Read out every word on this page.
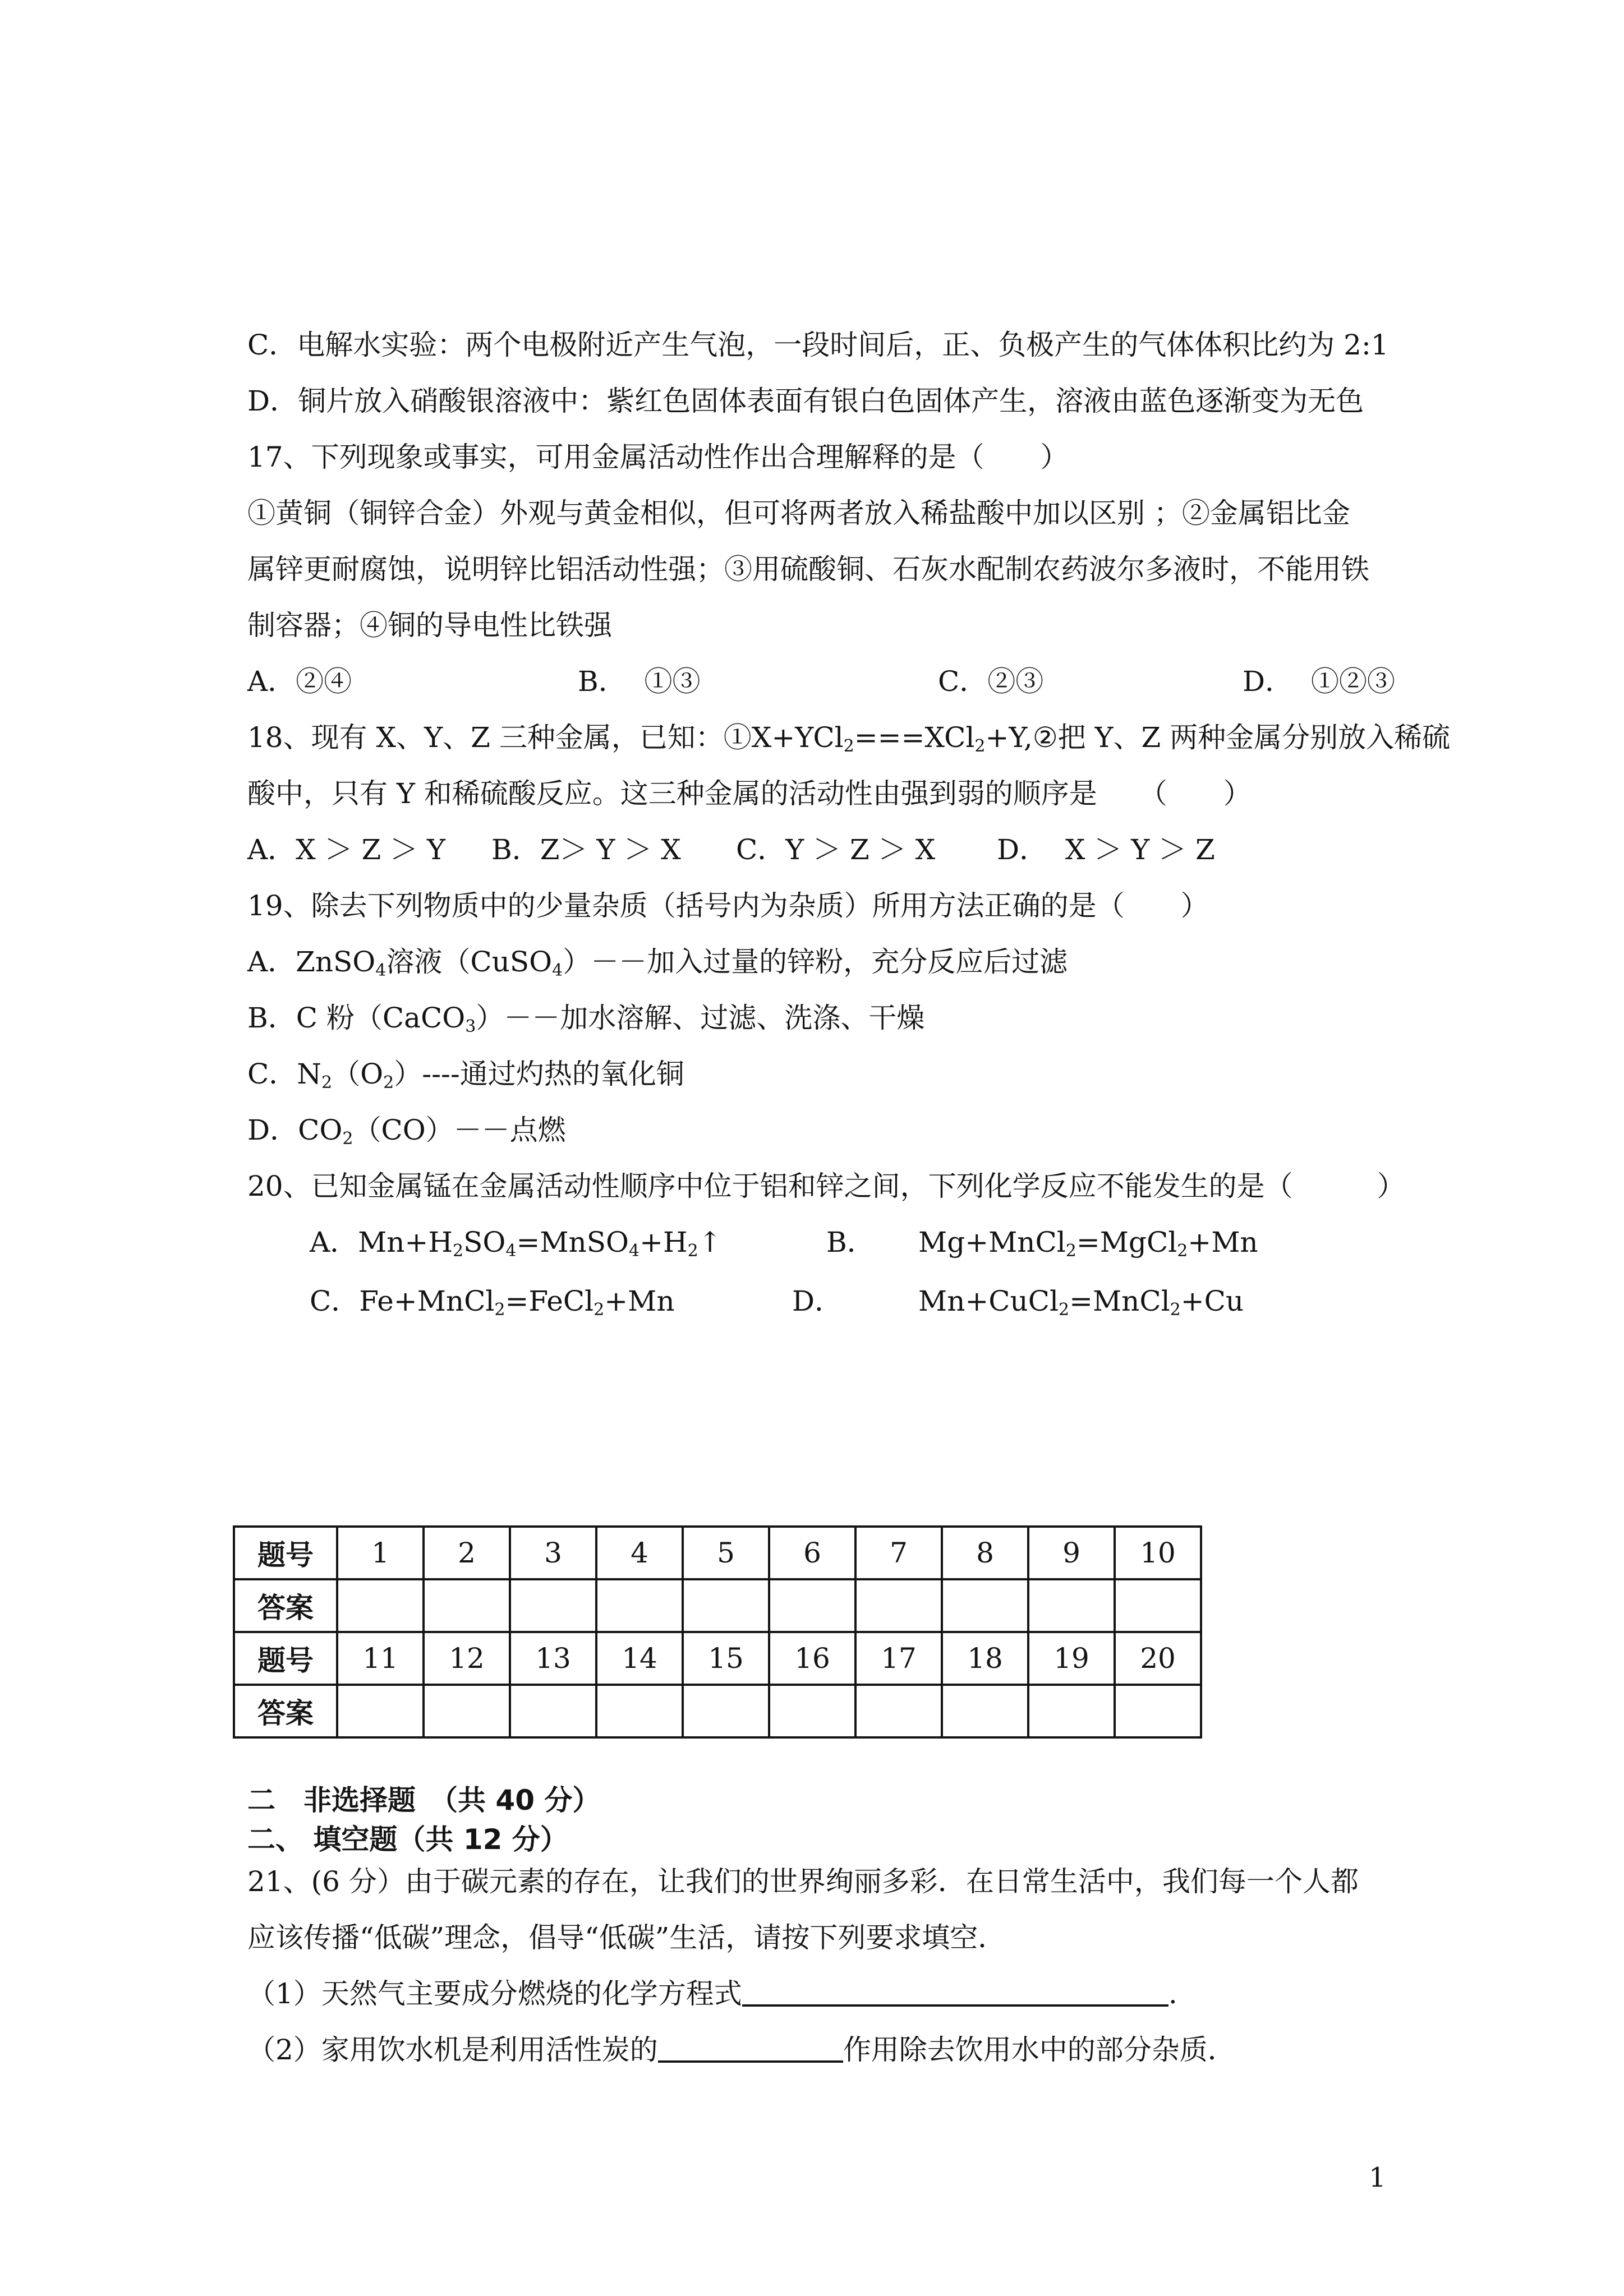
C．电解水实验：两个电极附近产生气泡，一段时间后，正、负极产生的气体体积比约为 2:1

D．铜片放入硝酸银溶液中：紫红色固体表面有银白色固体产生，溶液由蓝色逐渐变为无色

17、下列现象或事实，可用金属活动性作出合理解释的是（　　）

①黄铜（铜锌合金）外观与黄金相似，但可将两者放入稀盐酸中加以区别 ；②金属铝比金

属锌更耐腐蚀，说明锌比铝活动性强；③用硫酸铜、石灰水配制农药波尔多液时，不能用铁

制容器；④铜的导电性比铁强

A．②④	B．  ①③	C．②③	D．  ①②③

18、现有 X、Y、Z 三种金属，已知：①X+YCl$_2$===XCl$_2$+Y,②把 Y、Z 两种金属分别放入稀硫

酸中，只有 Y 和稀硫酸反应。这三种金属的活动性由强到弱的顺序是　　（　　）

A．X ＞ Z ＞ Y B．Z＞ Y ＞ X C．Y ＞ Z ＞ X D．  X ＞ Y ＞ Z

19、除去下列物质中的少量杂质（括号内为杂质）所用方法正确的是（　　）

A．ZnSO$_4$溶液（CuSO$_4$）－－加入过量的锌粉，充分反应后过滤

B．C 粉（CaCO$_3$）－－加水溶解、过滤、洗涤、干燥

C．$N_2(O_2)----$通过灼热的氧化铜

D．$CO_2(CO)--$点燃

20、已知金属锰在金属活动性顺序中位于铝和锌之间，下列化学反应不能发生的是（　　　）

A．$Mn+H_2SO_4=MnSO_4+H_2↑$	B． Mg+MnCl$_2$=MgCl$_2$+Mn

C．Fe+MnCl$_2$=FeCl$_2$+Mn	D．	Mn+CuCl$_2$=MnCl$_2$+Cu

题号	1	2	3	4	5	6	7	8	9	10
答案										
题号	11	12	13	14	15	16	17	18	19	20
答案										

二　非选择题　（共 40 分）

二、 填空题（共 12 分）

21、(6 分）由于碳元素的存在，让我们的世界绚丽多彩．在日常生活中，我们每一个人都

应该传播“低碳”理念，倡导“低碳”生活，请按下列要求填空．

（1）天然气主要成分燃烧的化学方程式	.

（2）家用饮水机是利用活性炭的	作用除去饮用水中的部分杂质．

1
